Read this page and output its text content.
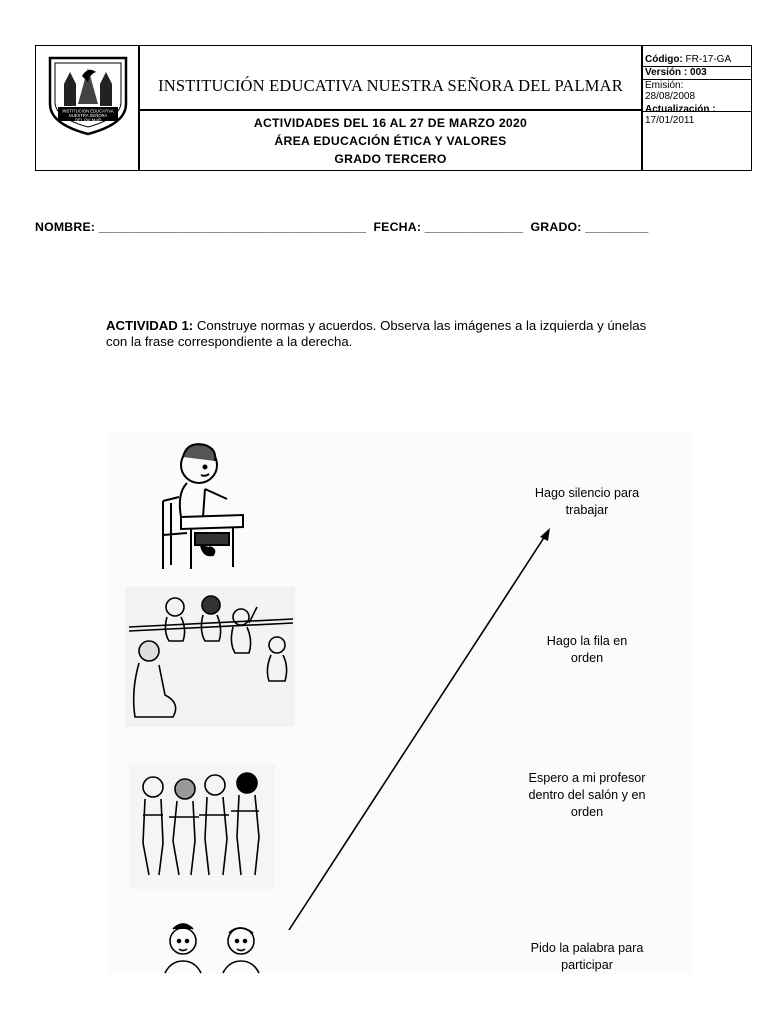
INSTITUCION EDUCATIVA
NUESTRA SEÑORA
DEL PALMAR
INSTITUCIÓN EDUCATIVA NUESTRA SEÑORA DEL PALMAR
ACTIVIDADES DEL 16 AL 27 DE MARZO 2020
ÁREA EDUCACIÓN ÉTICA Y VALORES
GRADO TERCERO
Código: FR-17-GA
Versión : 003
Emisión:
28/08/2008
Actualización :
17/01/2011
NOMBRE: ______________________________________  FECHA: ______________  GRADO: _________
ACTIVIDAD 1: Construye normas y acuerdos. Observa las imágenes a la izquierda y únelas con la frase correspondiente a la derecha.
Hago silencio para
trabajar
Hago la fila en
orden
Espero a mi profesor
dentro del salón y en
orden
Pido la palabra para
participar
